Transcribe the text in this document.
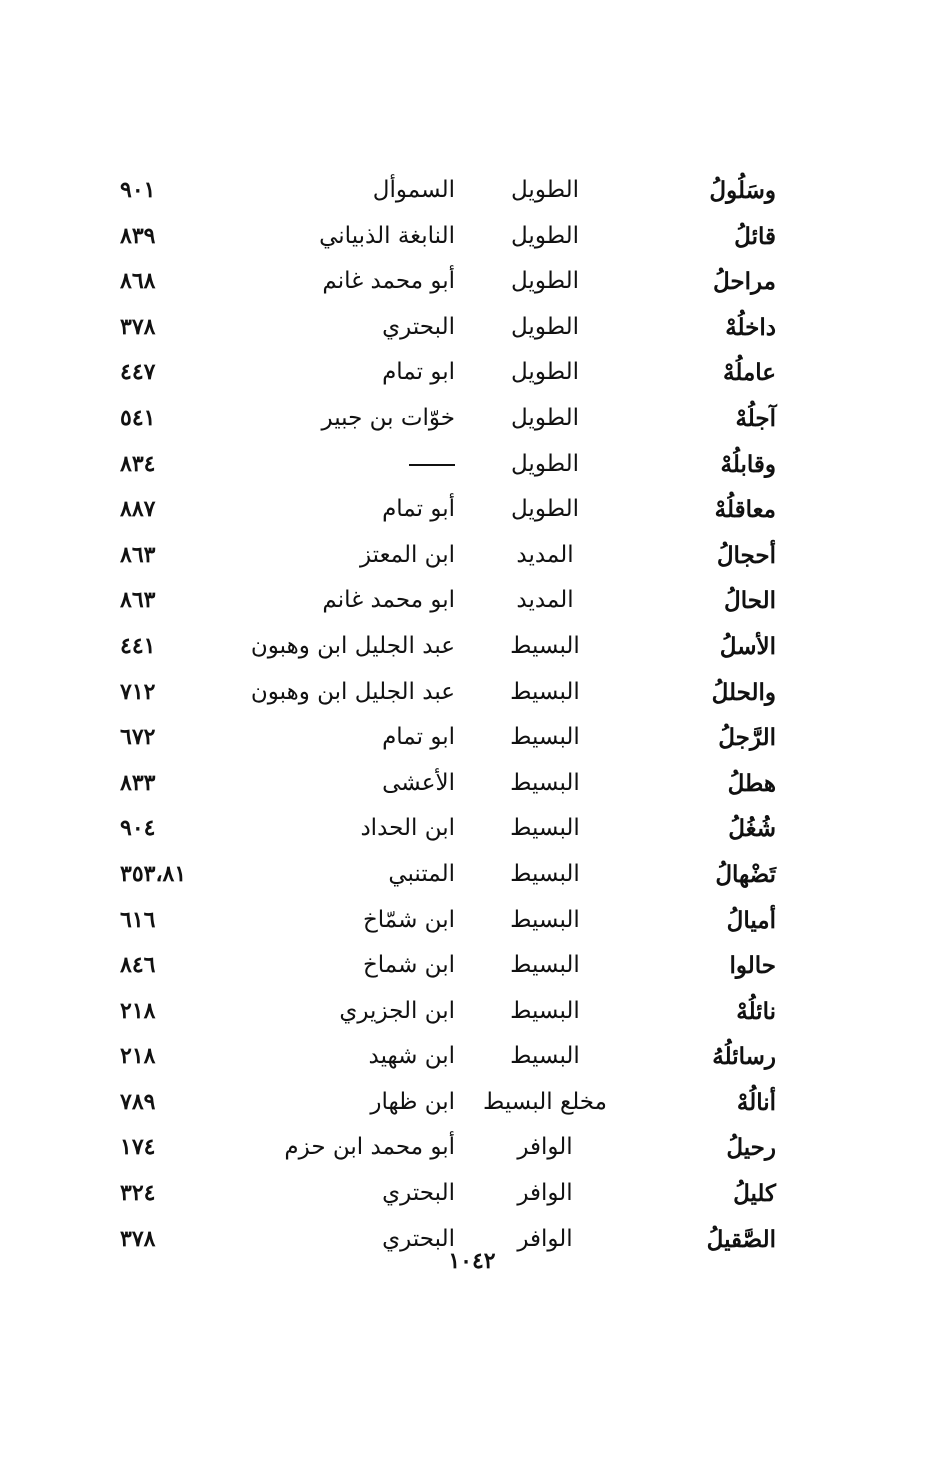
وسَلُولُ
الطويل
السموأل
٩٠١
قائلُ
الطويل
النابغة الذبياني
٨٣٩
مراحلُ
الطويل
أبو محمد غانم
٨٦٨
داخلُهْ
الطويل
البحتري
٣٧٨
عاملُهْ
الطويل
ابو تمام
٤٤٧
آجلُهْ
الطويل
خوّات بن جبير
٥٤١
وقابلُهْ
الطويل
٨٣٤
معاقلُهْ
الطويل
أبو تمام
٨٨٧
أحجالُ
المديد
ابن المعتز
٨٦٣
الحالُ
المديد
ابو محمد غانم
٨٦٣
الأسلُ
البسيط
عبد الجليل ابن وهبون
٤٤١
والحللُ
البسيط
عبد الجليل ابن وهبون
٧١٢
الرَّجلُ
البسيط
ابو تمام
٦٧٢
هطلُ
البسيط
الأعشى
٨٣٣
شُغُلُ
البسيط
ابن الحداد
٩٠٤
تَضْهالُ
البسيط
المتنبي
٣٥٣،٨١
أميالُ
البسيط
ابن شمّاخ
٦١٦
حالوا
البسيط
ابن شماخ
٨٤٦
نائلُهْ
البسيط
ابن الجزيري
٢١٨
رسائلُهُ
البسيط
ابن شهيد
٢١٨
أنالُهْ
مخلع البسيط
ابن ظهار
٧٨٩
رحيلُ
الوافر
أبو محمد ابن حزم
١٧٤
كليلُ
الوافر
البحتري
٣٢٤
الصَّقيلُ
الوافر
البحتري
٣٧٨
١٠٤٢
